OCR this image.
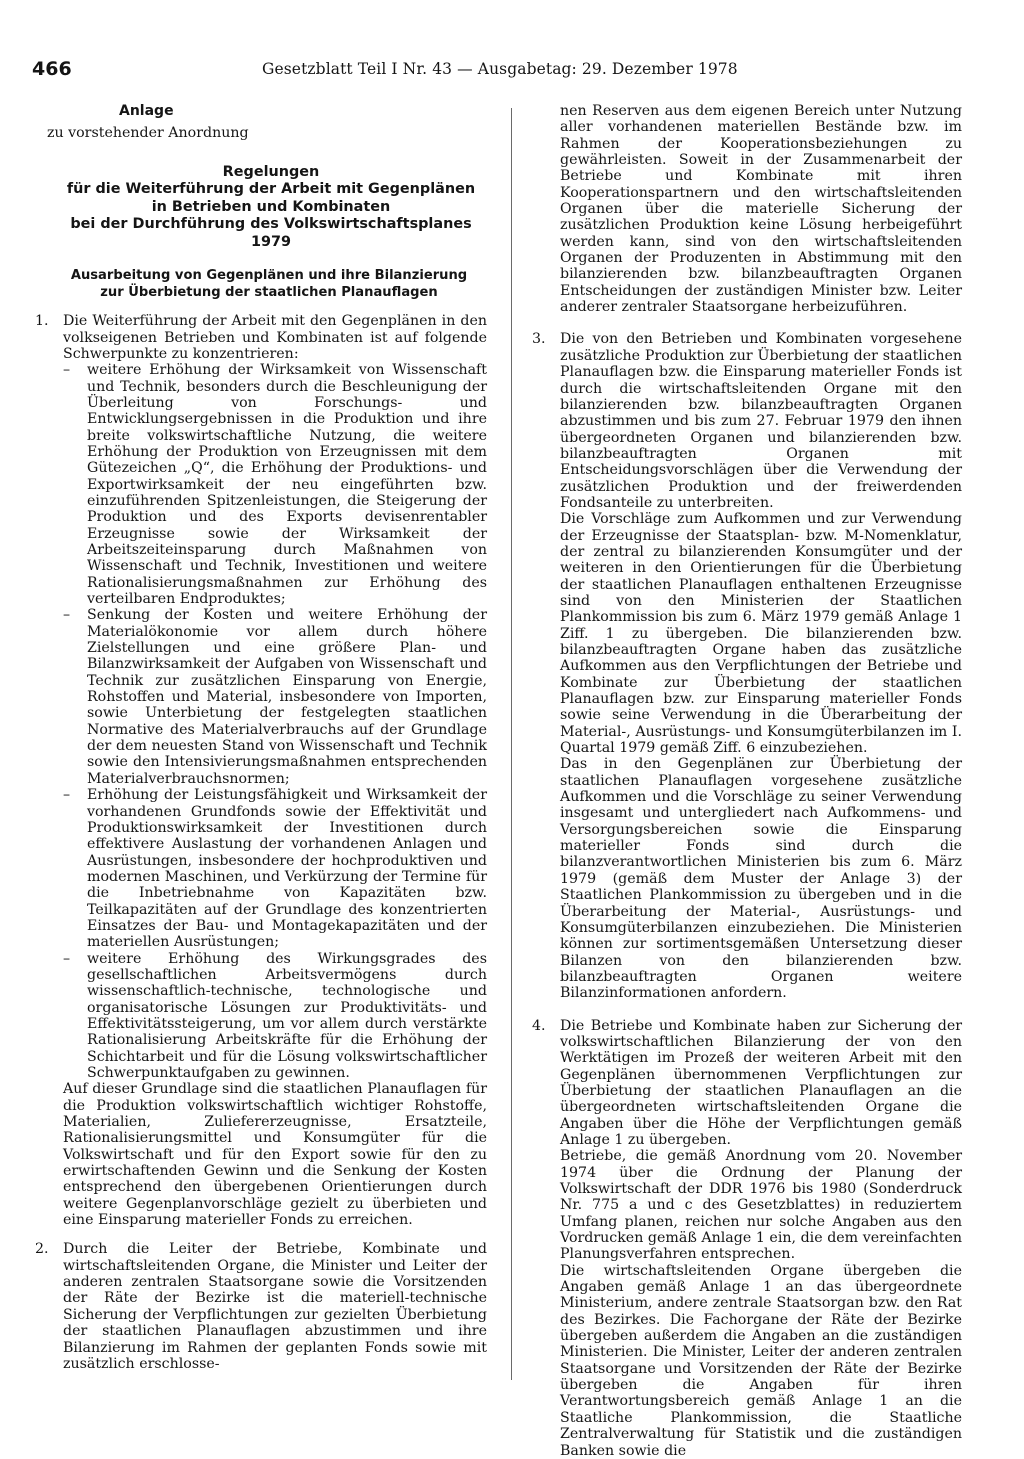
466	Gesetzblatt Teil I Nr. 43 — Ausgabetag: 29. Dezember 1978
Anlage
zu vorstehender Anordnung
Regelungen
für die Weiterführung der Arbeit mit Gegenplänen
in Betrieben und Kombinaten
bei der Durchführung des Volkswirtschaftsplanes 1979
Ausarbeitung von Gegenplänen und ihre Bilanzierung
zur Überbietung der staatlichen Planauflagen
1. Die Weiterführung der Arbeit mit den Gegenplänen in den volkseigenen Betrieben und Kombinaten ist auf folgende Schwerpunkte zu konzentrieren:

– weitere Erhöhung der Wirksamkeit von Wissenschaft und Technik, besonders durch die Beschleunigung der Überleitung von Forschungs- und Entwicklungsergebnissen in die Produktion und ihre breite volkswirtschaftliche Nutzung, die weitere Erhöhung der Produktion von Erzeugnissen mit dem Gütezeichen „Q“, die Erhöhung der Produktions- und Exportwirksamkeit der neu eingeführten bzw. einzuführenden Spitzenleistungen, die Steigerung der Produktion und des Exports devisenrentabler Erzeugnisse sowie der Wirksamkeit der Arbeitszeiteinsparung durch Maßnahmen von Wissenschaft und Technik, Investitionen und weitere Rationalisierungsmaßnahmen zur Erhöhung des verteilbaren Endproduktes;
– Senkung der Kosten und weitere Erhöhung der Materialökonomie vor allem durch höhere Zielstellungen und eine größere Plan- und Bilanzwirksamkeit der Aufgaben von Wissenschaft und Technik zur zusätzlichen Einsparung von Energie, Rohstoffen und Material, insbesondere von Importen, sowie Unterbietung der festgelegten staatlichen Normative des Materialverbrauchs auf der Grundlage der dem neuesten Stand von Wissenschaft und Technik sowie den Intensivierungsmaßnahmen entsprechenden Materialverbrauchsnormen;
– Erhöhung der Leistungsfähigkeit und Wirksamkeit der vorhandenen Grundfonds sowie der Effektivität und Produktionswirksamkeit der Investitionen durch effektivere Auslastung der vorhandenen Anlagen und Ausrüstungen, insbesondere der hochproduktiven und modernen Maschinen, und Verkürzung der Termine für die Inbetriebnahme von Kapazitäten bzw. Teilkapazitäten auf der Grundlage des konzentrierten Einsatzes der Bau- und Montagekapazitäten und der materiellen Ausrüstungen;
– weitere Erhöhung des Wirkungsgrades des gesellschaftlichen Arbeitsvermögens durch wissenschaftlich-technische, technologische und organisatorische Lösungen zur Produktivitäts- und Effektivitätssteigerung, um vor allem durch verstärkte Rationalisierung Arbeitskräfte für die Erhöhung der Schichtarbeit und für die Lösung volkswirtschaftlicher Schwerpunktaufgaben zu gewinnen.

Auf dieser Grundlage sind die staatlichen Planauflagen für die Produktion volkswirtschaftlich wichtiger Rohstoffe, Materialien, Zuliefererzeugnisse, Ersatzteile, Rationalisierungsmittel und Konsumgüter für die Volkswirtschaft und für den Export sowie für den zu erwirtschaftenden Gewinn und die Senkung der Kosten entsprechend den übergebenen Orientierungen durch weitere Gegenplanvorschläge gezielt zu überbieten und eine Einsparung materieller Fonds zu erreichen.

2. Durch die Leiter der Betriebe, Kombinate und wirtschaftsleitenden Organe, die Minister und Leiter der anderen zentralen Staatsorgane sowie die Vorsitzenden der Räte der Bezirke ist die materiell-technische Sicherung der Verpflichtungen zur gezielten Überbietung der staatlichen Planauflagen abzustimmen und ihre Bilanzierung im Rahmen der geplanten Fonds sowie mit zusätzlich erschlosse-

nen Reserven aus dem eigenen Bereich unter Nutzung aller vorhandenen materiellen Bestände bzw. im Rahmen der Kooperationsbeziehungen zu gewährleisten. Soweit in der Zusammenarbeit der Betriebe und Kombinate mit ihren Kooperationspartnern und den wirtschaftsleitenden Organen über die materielle Sicherung der zusätzlichen Produktion keine Lösung herbeigeführt werden kann, sind von den wirtschaftsleitenden Organen der Produzenten in Abstimmung mit den bilanzierenden bzw. bilanzbeauftragten Organen Entscheidungen der zuständigen Minister bzw. Leiter anderer zentraler Staatsorgane herbeizuführen.

3. Die von den Betrieben und Kombinaten vorgesehene zusätzliche Produktion zur Überbietung der staatlichen Planauflagen bzw. die Einsparung materieller Fonds ist durch die wirtschaftsleitenden Organe mit den bilanzierenden bzw. bilanzbeauftragten Organen abzustimmen und bis zum 27. Februar 1979 den ihnen übergeordneten Organen und bilanzierenden bzw. bilanzbeauftragten Organen mit Entscheidungsvorschlägen über die Verwendung der zusätzlichen Produktion und der freiwerdenden Fondsanteile zu unterbreiten.

Die Vorschläge zum Aufkommen und zur Verwendung der Erzeugnisse der Staatsplan- bzw. M-Nomenklatur, der zentral zu bilanzierenden Konsumgüter und der weiteren in den Orientierungen für die Überbietung der staatlichen Planauflagen enthaltenen Erzeugnisse sind von den Ministerien der Staatlichen Plankommission bis zum 6. März 1979 gemäß Anlage 1 Ziff. 1 zu übergeben. Die bilanzierenden bzw. bilanzbeauftragten Organe haben das zusätzliche Aufkommen aus den Verpflichtungen der Betriebe und Kombinate zur Überbietung der staatlichen Planauflagen bzw. zur Einsparung materieller Fonds sowie seine Verwendung in die Überarbeitung der Material-, Ausrüstungs- und Konsumgüterbilanzen im I. Quartal 1979 gemäß Ziff. 6 einzubeziehen.

Das in den Gegenplänen zur Überbietung der staatlichen Planauflagen vorgesehene zusätzliche Aufkommen und die Vorschläge zu seiner Verwendung insgesamt und untergliedert nach Aufkommens- und Versorgungsbereichen sowie die Einsparung materieller Fonds sind durch die bilanzverantwortlichen Ministerien bis zum 6. März 1979 (gemäß dem Muster der Anlage 3) der Staatlichen Plankommission zu übergeben und in die Überarbeitung der Material-, Ausrüstungs- und Konsumgüterbilanzen einzubeziehen. Die Ministerien können zur sortimentsgemäßen Untersetzung dieser Bilanzen von den bilanzierenden bzw. bilanzbeauftragten Organen weitere Bilanzinformationen anfordern.

4. Die Betriebe und Kombinate haben zur Sicherung der volkswirtschaftlichen Bilanzierung der von den Werktätigen im Prozeß der weiteren Arbeit mit den Gegenplänen übernommenen Verpflichtungen zur Überbietung der staatlichen Planauflagen an die übergeordneten wirtschaftsleitenden Organe die Angaben über die Höhe der Verpflichtungen gemäß Anlage 1 zu übergeben.

Betriebe, die gemäß Anordnung vom 20. November 1974 über die Ordnung der Planung der Volkswirtschaft der DDR 1976 bis 1980 (Sonderdruck Nr. 775 a und c des Gesetzblattes) in reduziertem Umfang planen, reichen nur solche Angaben aus den Vordrucken gemäß Anlage 1 ein, die dem vereinfachten Planungsverfahren entsprechen.

Die wirtschaftsleitenden Organe übergeben die Angaben gemäß Anlage 1 an das übergeordnete Ministerium, andere zentrale Staatsorgan bzw. den Rat des Bezirkes. Die Fachorgane der Räte der Bezirke übergeben außerdem die Angaben an die zuständigen Ministerien. Die Minister, Leiter der anderen zentralen Staatsorgane und Vorsitzenden der Räte der Bezirke übergeben die Angaben für ihren Verantwortungsbereich gemäß Anlage 1 an die Staatliche Plankommission, die Staatliche Zentralverwaltung für Statistik und die zuständigen Banken sowie die
